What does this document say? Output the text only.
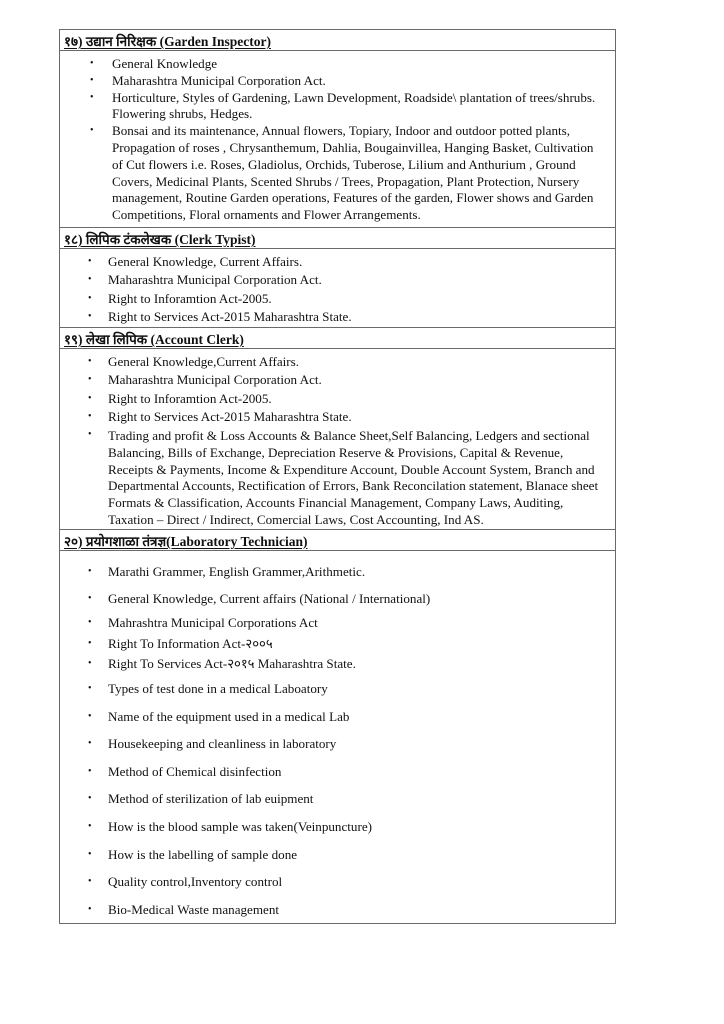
१७) उद्यान निरिक्षक (Garden Inspector)
• General Knowledge
• Maharashtra Municipal Corporation Act.
• Horticulture, Styles of Gardening, Lawn Development, Roadside\ plantation of trees/shrubs. Flowering shrubs, Hedges.
• Bonsai and its maintenance, Annual flowers, Topiary, Indoor and outdoor potted plants, Propagation of roses , Chrysanthemum, Dahlia, Bougainvillea, Hanging Basket, Cultivation of Cut flowers i.e. Roses, Gladiolus, Orchids, Tuberose, Lilium and Anthurium , Ground Covers, Medicinal Plants, Scented Shrubs / Trees, Propagation, Plant Protection, Nursery management, Routine Garden operations, Features of the garden, Flower shows and Garden Competitions, Floral ornaments and Flower Arrangements.
१८) लिपिक टंकलेखक (Clerk Typist)
• General Knowledge, Current Affairs.
• Maharashtra Municipal Corporation Act.
• Right to Inforamtion Act-2005.
• Right to Services Act-2015 Maharashtra State.
१९) लेखा लिपिक (Account Clerk)
• General Knowledge,Current Affairs.
• Maharashtra Municipal Corporation Act.
• Right to Inforamtion Act-2005.
• Right to Services Act-2015 Maharashtra State.
• Trading and profit & Loss Accounts & Balance Sheet,Self Balancing, Ledgers and sectional Balancing, Bills of Exchange, Depreciation Reserve & Provisions, Capital & Revenue, Receipts & Payments, Income & Expenditure Account, Double Account System, Branch and Departmental Accounts, Rectification of Errors, Bank Reconcilation statement, Blanace sheet Formats & Classification, Accounts Financial Management, Company Laws, Auditing, Taxation – Direct / Indirect, Comercial Laws, Cost Accounting, Ind AS.
२०) प्रयोगशाळा तंत्रज्ञ(Laboratory Technician)
• Marathi Grammer, English Grammer,Arithmetic.
• General Knowledge, Current affairs (National / International)
• Mahrashtra Municipal Corporations Act
• Right To Information Act-२००५
• Right To Services Act-२०१५ Maharashtra State.
• Types of test done in a medical Laboatory
• Name of the equipment used in a medical Lab
• Housekeeping and cleanliness in laboratory
• Method of Chemical disinfection
• Method of sterilization of lab euipment
• How is the blood sample was taken(Veinpuncture)
• How is the labelling of sample done
• Quality control,Inventory control
• Bio-Medical Waste management
